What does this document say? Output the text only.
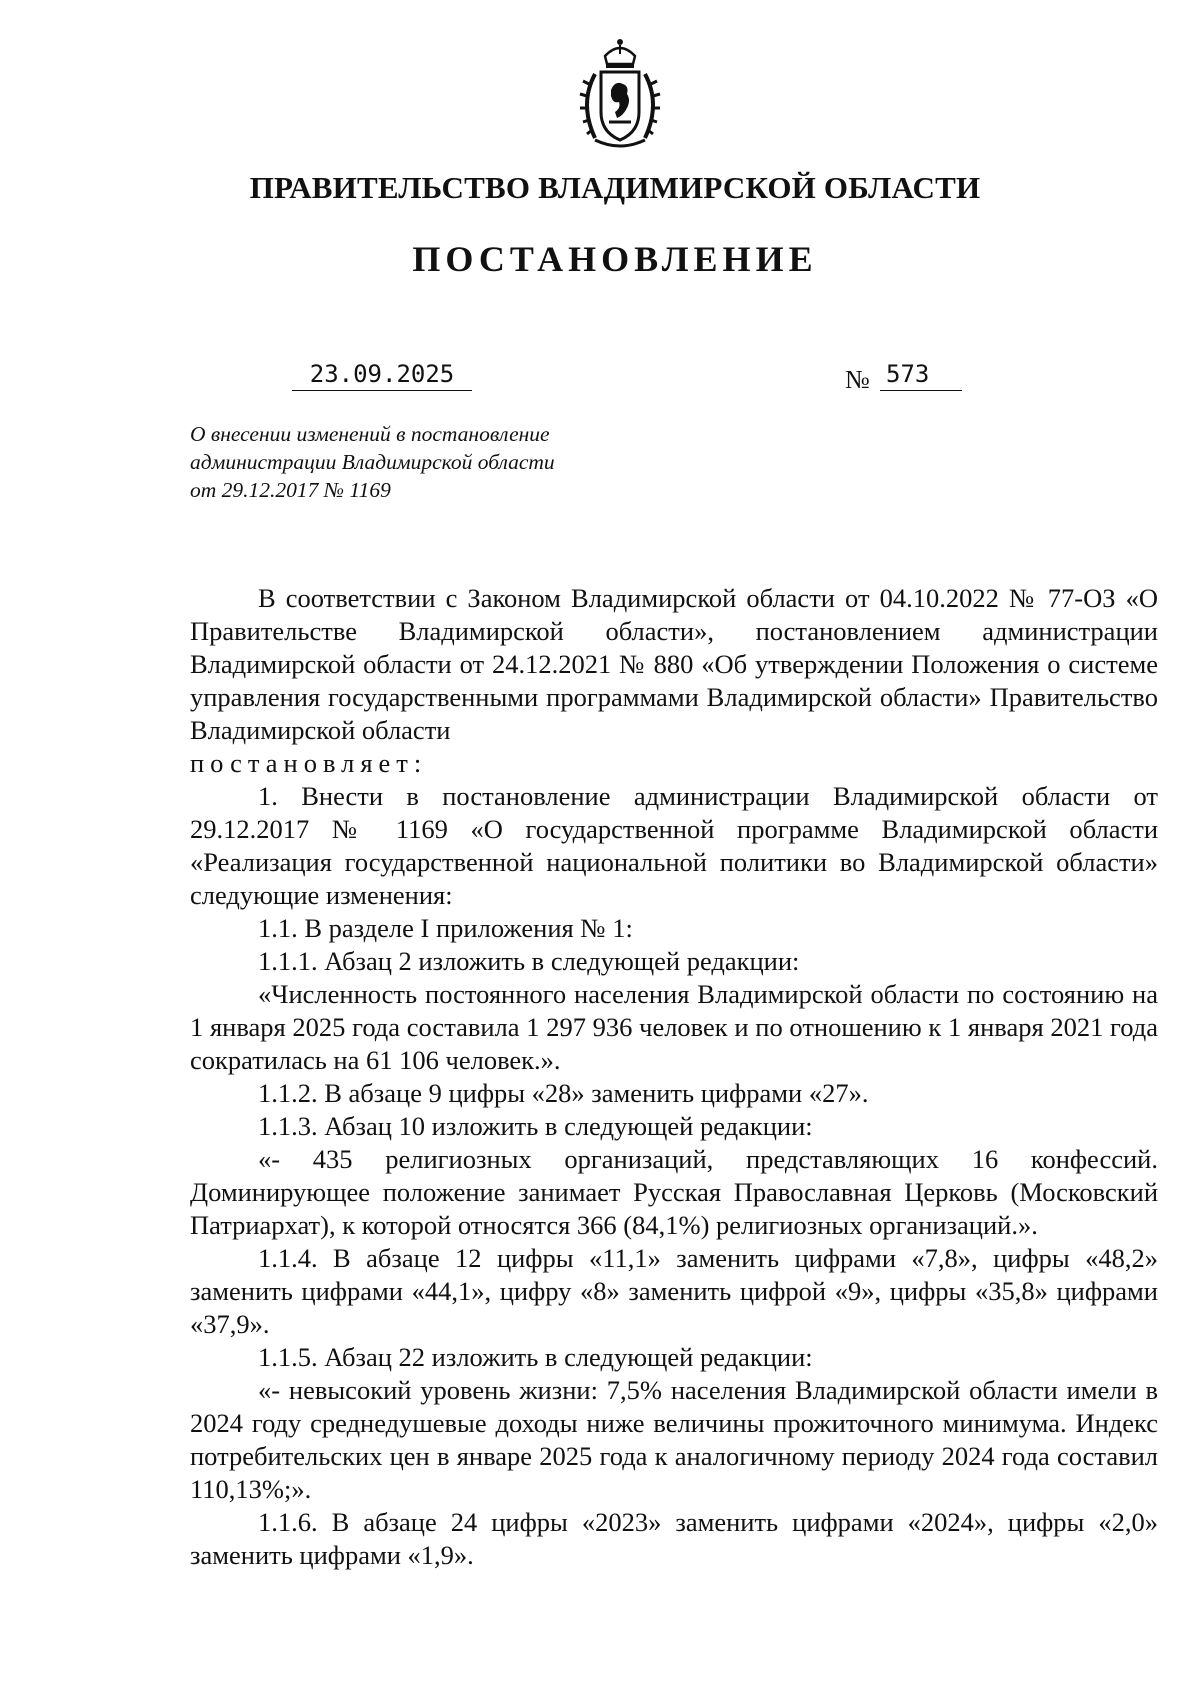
ПРАВИТЕЛЬСТВО ВЛАДИМИРСКОЙ ОБЛАСТИ
ПОСТАНОВЛЕНИЕ
23.09.2025	№ 573
О внесении изменений в постановление
администрации Владимирской области
от 29.12.2017 № 1169

В соответствии с Законом Владимирской области от 04.10.2022 № 77-ОЗ «О Правительстве Владимирской области», постановлением администрации Владимирской области от 24.12.2021 № 880 «Об утверждении Положения о системе управления государственными программами Владимирской области» Правительство Владимирской области

постановляет:

1. Внести в постановление администрации Владимирской области от 29.12.2017 № 1169 «О государственной программе Владимирской области «Реализация государственной национальной политики во Владимирской области» следующие изменения:

1.1. В разделе I приложения № 1:

1.1.1. Абзац 2 изложить в следующей редакции:

«Численность постоянного населения Владимирской области по состоянию на 1 января 2025 года составила 1 297 936 человек и по отношению к 1 января 2021 года сократилась на 61 106 человек.».

1.1.2. В абзаце 9 цифры «28» заменить цифрами «27».

1.1.3. Абзац 10 изложить в следующей редакции:

«- 435 религиозных организаций, представляющих 16 конфессий. Доминирующее положение занимает Русская Православная Церковь (Московский Патриархат), к которой относятся 366 (84,1%) религиозных организаций.».

1.1.4. В абзаце 12 цифры «11,1» заменить цифрами «7,8», цифры «48,2» заменить цифрами «44,1», цифру «8» заменить цифрой «9», цифры «35,8» цифрами «37,9».

1.1.5. Абзац 22 изложить в следующей редакции:

«- невысокий уровень жизни: 7,5% населения Владимирской области имели в 2024 году среднедушевые доходы ниже величины прожиточного минимума. Индекс потребительских цен в январе 2025 года к аналогичному периоду 2024 года составил 110,13%;».

1.1.6. В абзаце 24 цифры «2023» заменить цифрами «2024», цифры «2,0» заменить цифрами «1,9».
